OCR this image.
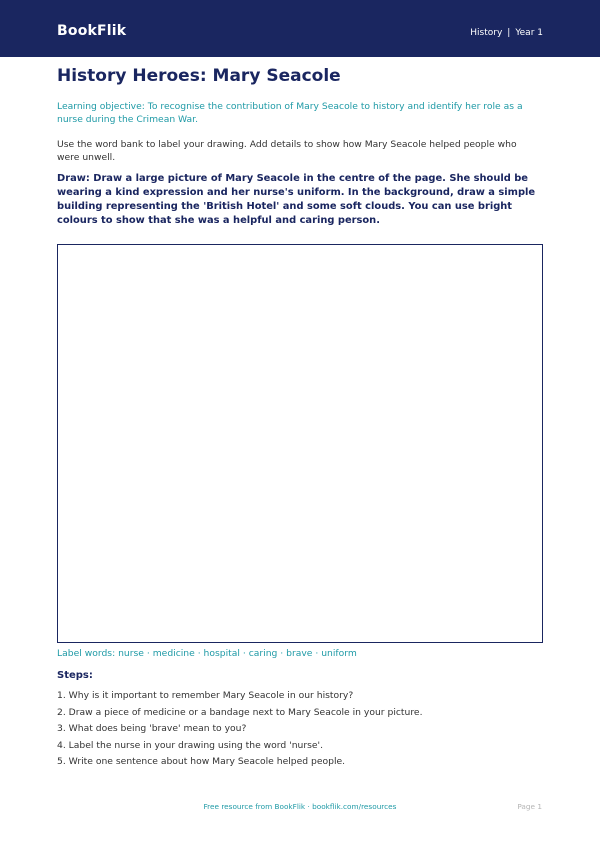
BookFlik	History | Year 1
History Heroes: Mary Seacole
Learning objective: To recognise the contribution of Mary Seacole to history and identify her role as a nurse during the Crimean War.
Use the word bank to label your drawing. Add details to show how Mary Seacole helped people who were unwell.
Draw: Draw a large picture of Mary Seacole in the centre of the page. She should be wearing a kind expression and her nurse's uniform. In the background, draw a simple building representing the 'British Hotel' and some soft clouds. You can use bright colours to show that she was a helpful and caring person.
Label words: nurse · medicine · hospital · caring · brave · uniform
Steps:
1. Why is it important to remember Mary Seacole in our history?
2. Draw a piece of medicine or a bandage next to Mary Seacole in your picture.
3. What does being 'brave' mean to you?
4. Label the nurse in your drawing using the word 'nurse'.
5. Write one sentence about how Mary Seacole helped people.
Free resource from BookFlik · bookflik.com/resources	Page 1
